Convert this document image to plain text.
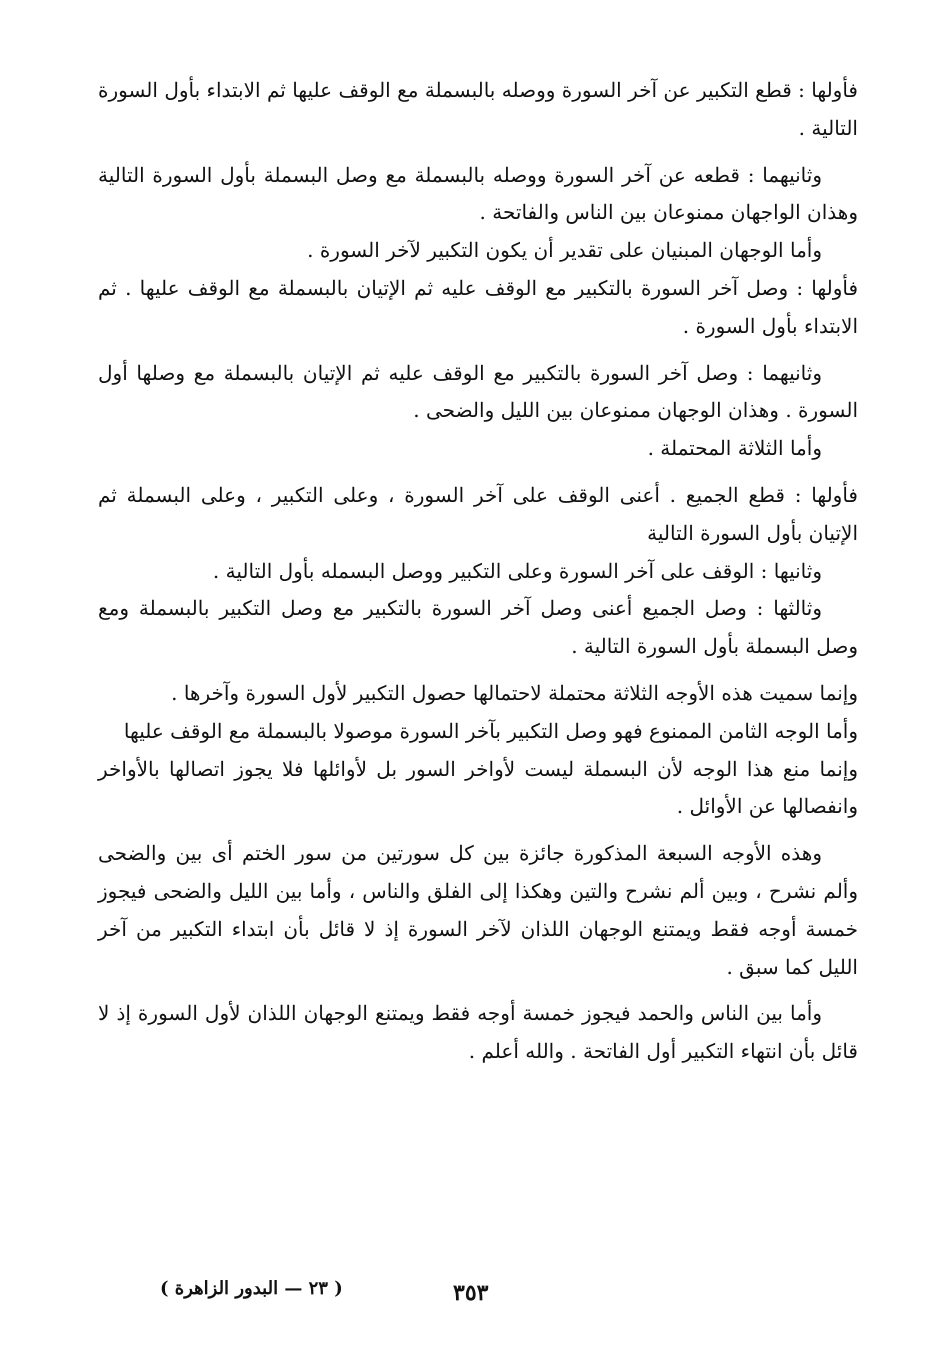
فأولها : قطع التكبير عن آخر السورة ووصله بالبسملة مع الوقف عليها ثم الابتداء بأول السورة التالية .

وثانيهما : قطعه عن آخر السورة ووصله بالبسملة مع وصل البسملة بأول السورة التالية وهذان الواجهان ممنوعان بين الناس والفاتحة .

وأما الوجهان المبنيان على تقدير أن يكون التكبير لآخر السورة .

فأولها : وصل آخر السورة بالتكبير مع الوقف عليه ثم الإتيان بالبسملة مع الوقف عليها . ثم الابتداء بأول السورة .

وثانيهما : وصل آخر السورة بالتكبير مع الوقف عليه ثم الإتيان بالبسملة مع وصلها أول السورة . وهذان الوجهان ممنوعان بين الليل والضحى .

وأما الثلاثة المحتملة .

فأولها : قطع الجميع . أعنى الوقف على آخر السورة ، وعلى التكبير ، وعلى البسملة ثم الإتيان بأول السورة التالية

وثانيها : الوقف على آخر السورة وعلى التكبير ووصل البسمله بأول التالية .

وثالثها : وصل الجميع أعنى وصل آخر السورة بالتكبير مع وصل التكبير بالبسملة ومع وصل البسملة بأول السورة التالية .

وإنما سميت هذه الأوجه الثلاثة محتملة لاحتمالها حصول التكبير لأول السورة وآخرها .

وأما الوجه الثامن الممنوع فهو وصل التكبير بآخر السورة موصولا بالبسملة مع الوقف عليها

وإنما منع هذا الوجه لأن البسملة ليست لأواخر السور بل لأوائلها فلا يجوز اتصالها بالأواخر وانفصالها عن الأوائل .

وهذه الأوجه السبعة المذكورة جائزة بين كل سورتين من سور الختم أى بين والضحى وألم نشرح ، وبين ألم نشرح والتين وهكذا إلى الفلق والناس ، وأما بين الليل والضحى فيجوز خمسة أوجه فقط ويمتنع الوجهان اللذان لآخر السورة إذ لا قائل بأن ابتداء التكبير من آخر الليل كما سبق .

وأما بين الناس والحمد فيجوز خمسة أوجه فقط ويمتنع الوجهان اللذان لأول السورة إذ لا قائل بأن انتهاء التكبير أول الفاتحة . والله أعلم .

( ٢٣ — البدور الزاهرة )	٣٥٣
